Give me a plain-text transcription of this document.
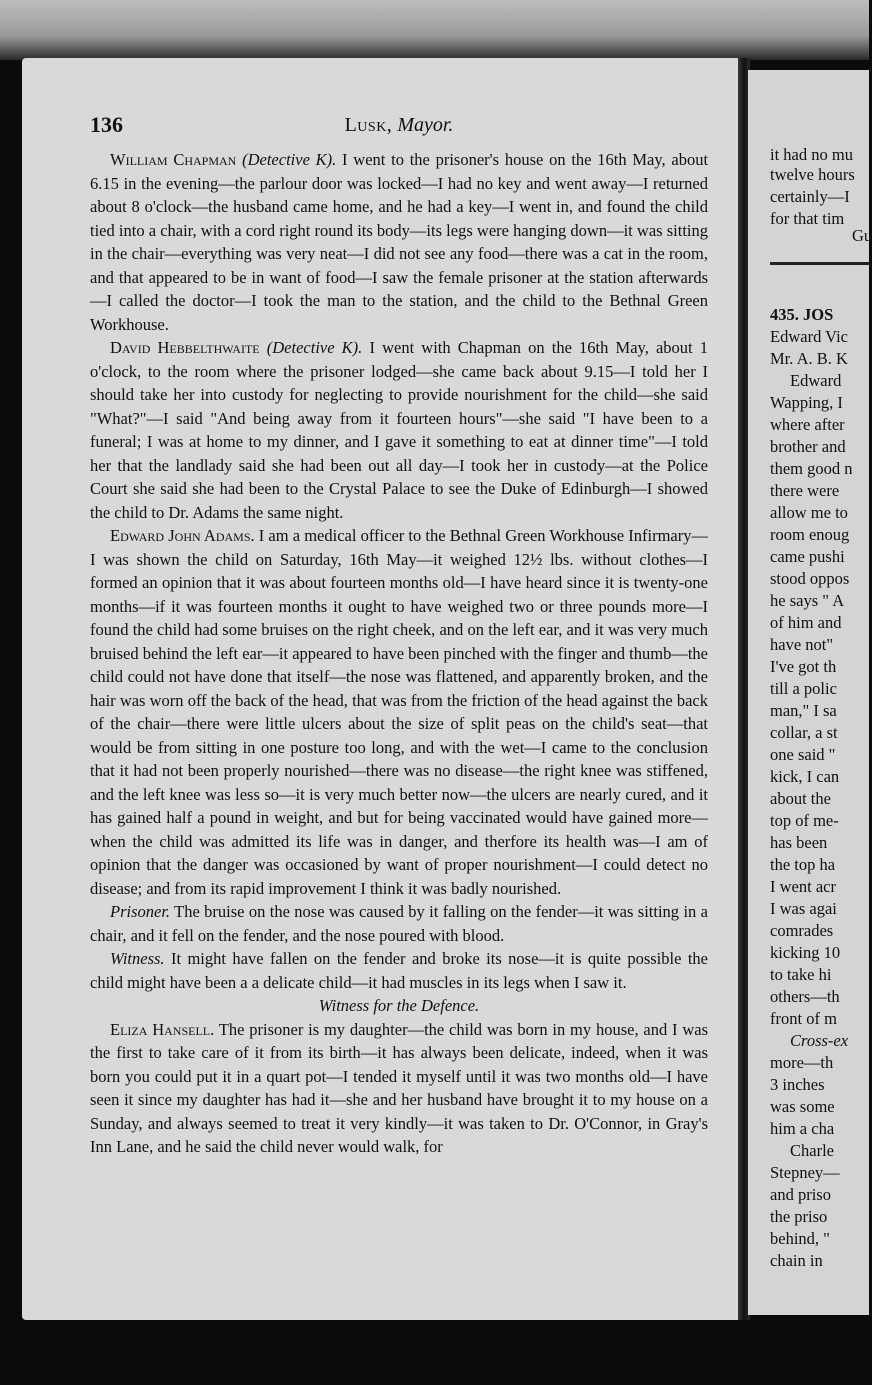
136	Lusk, Mayor.

William Chapman (Detective K). I went to the prisoner's house on the 16th May, about 6.15 in the evening—the parlour door was locked—I had no key and went away—I returned about 8 o'clock—the husband came home, and he had a key—I went in, and found the child tied into a chair, with a cord right round its body—its legs were hanging down—it was sitting in the chair—everything was very neat—I did not see any food—there was a cat in the room, and that appeared to be in want of food—I saw the female prisoner at the station afterwards—I called the doctor—I took the man to the station, and the child to the Bethnal Green Workhouse.

David Hebbelthwaite (Detective K). I went with Chapman on the 16th May, about 1 o'clock, to the room where the prisoner lodged—she came back about 9.15—I told her I should take her into custody for neglecting to provide nourishment for the child—she said "What?"—I said "And being away from it fourteen hours"—she said "I have been to a funeral; I was at home to my dinner, and I gave it something to eat at dinner time"—I told her that the landlady said she had been out all day—I took her in custody—at the Police Court she said she had been to the Crystal Palace to see the Duke of Edinburgh—I showed the child to Dr. Adams the same night.

Edward John Adams. I am a medical officer to the Bethnal Green Workhouse Infirmary—I was shown the child on Saturday, 16th May—it weighed 12½ lbs. without clothes—I formed an opinion that it was about fourteen months old—I have heard since it is twenty-one months—if it was fourteen months it ought to have weighed two or three pounds more—I found the child had some bruises on the right cheek, and on the left ear, and it was very much bruised behind the left ear—it appeared to have been pinched with the finger and thumb—the child could not have done that itself—the nose was flattened, and apparently broken, and the hair was worn off the back of the head, that was from the friction of the head against the back of the chair—there were little ulcers about the size of split peas on the child's seat—that would be from sitting in one posture too long, and with the wet—I came to the conclusion that it had not been properly nourished—there was no disease—the right knee was stiffened, and the left knee was less so—it is very much better now—the ulcers are nearly cured, and it has gained half a pound in weight, and but for being vaccinated would have gained more—when the child was admitted its life was in danger, and therfore its health was—I am of opinion that the danger was occasioned by want of proper nourishment—I could detect no disease; and from its rapid improvement I think it was badly nourished.

Prisoner. The bruise on the nose was caused by it falling on the fender—it was sitting in a chair, and it fell on the fender, and the nose poured with blood.

Witness. It might have fallen on the fender and broke its nose—it is quite possible the child might have been a a delicate child—it had muscles in its legs when I saw it.

Witness for the Defence.

Eliza Hansell. The prisoner is my daughter—the child was born in my house, and I was the first to take care of it from its birth—it has always been delicate, indeed, when it was born you could put it in a quart pot—I tended it myself until it was two months old—I have seen it since my daughter has had it—she and her husband have brought it to my house on a Sunday, and always seemed to treat it very kindly—it was taken to Dr. O'Connor, in Gray's Inn Lane, and he said the child never would walk, for

it had no mu
twelve hours
certainly—I
for that tim
Gu
435. JOS
Edward Vic
Mr. A. B. K
Edward
Wapping, I
where after
brother and
them good n
there were
allow me to
room enoug
came pushi
stood oppos
he says " A
of him and
have not"
I've got th
till a polic
man," I sa
collar, a st
one said "
kick, I can
about the
top of me-
has been
the top ha
I went acr
I was agai
comrades
kicking 10
to take hi
others—th
front of m
Cross-ex
more—th
3 inches
was some
him a cha
Charle
Stepney—
and priso
the priso
behind, "
chain in
